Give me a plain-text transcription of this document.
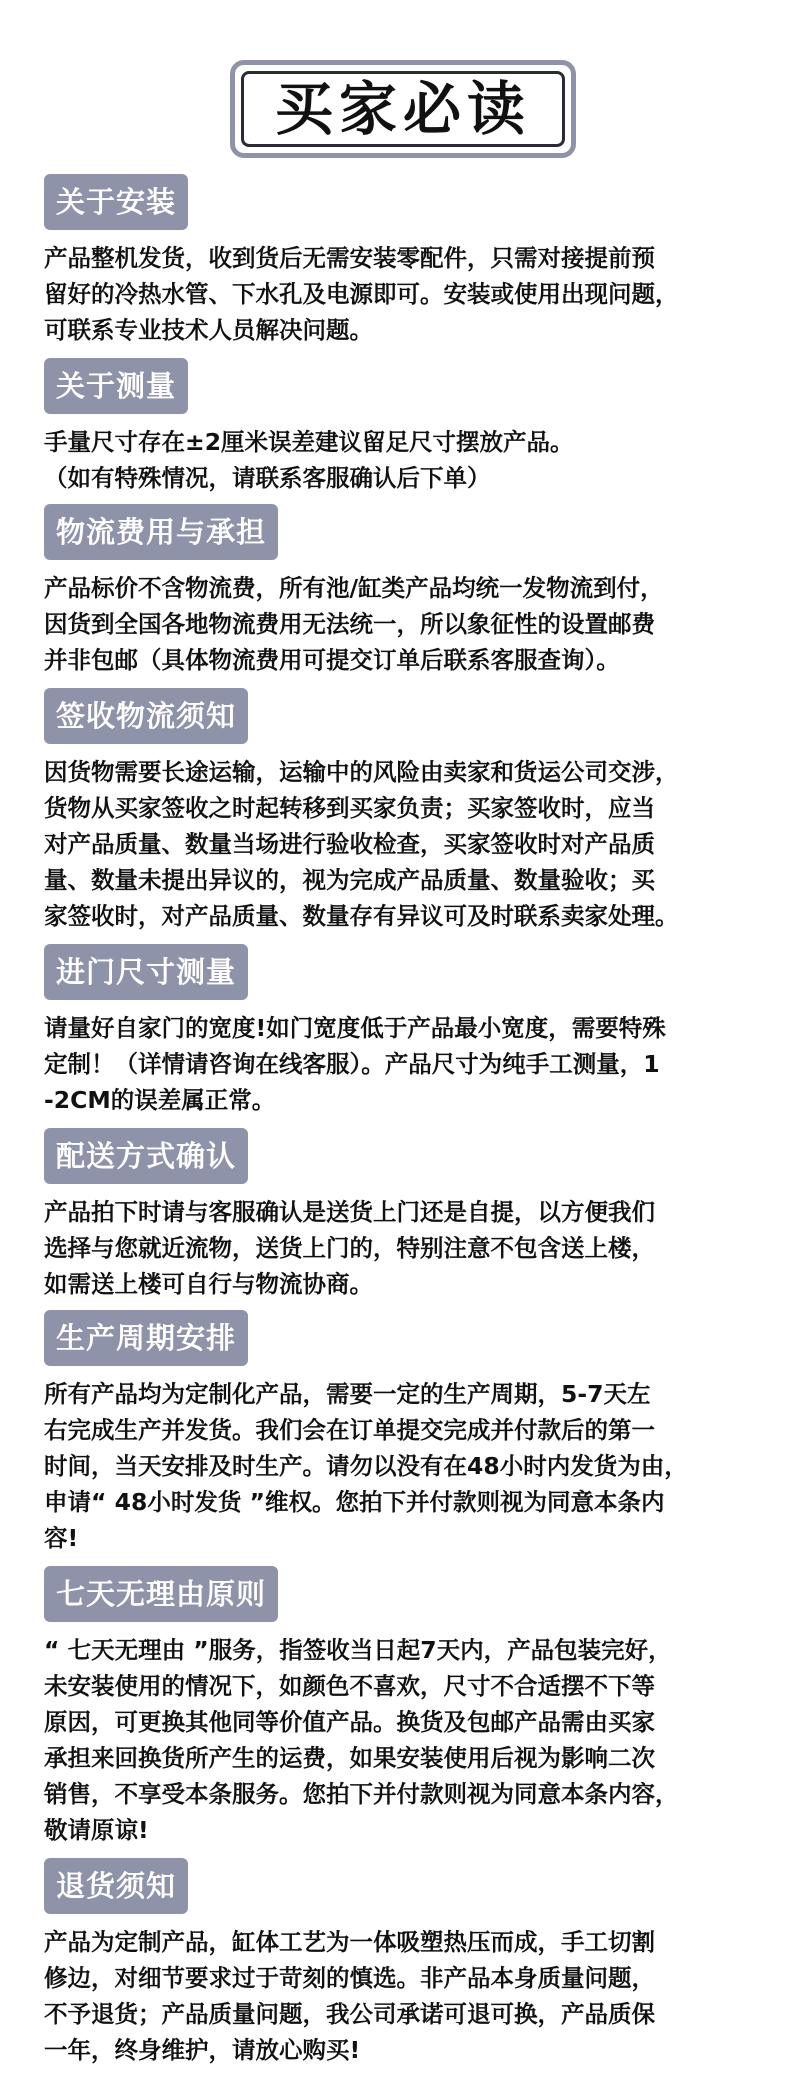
买家必读
关于安装

产品整机发货，收到货后无需安装零配件，只需对接提前预

留好的冷热水管、下水孔及电源即可。安装或使用出现问题，

可联系专业技术人员解决问题。

关于测量

手量尺寸存在±2厘米误差建议留足尺寸摆放产品。

（如有特殊情况，请联系客服确认后下单）

物流费用与承担

产品标价不含物流费，所有池/缸类产品均统一发物流到付，

因货到全国各地物流费用无法统一，所以象征性的设置邮费

并非包邮（具体物流费用可提交订单后联系客服查询）。

签收物流须知

因货物需要长途运输，运输中的风险由卖家和货运公司交涉，

货物从买家签收之时起转移到买家负责；买家签收时，应当

对产品质量、数量当场进行验收检查，买家签收时对产品质

量、数量未提出异议的，视为完成产品质量、数量验收；买

家签收时，对产品质量、数量存有异议可及时联系卖家处理。

进门尺寸测量

请量好自家门的宽度!如门宽度低于产品最小宽度，需要特殊

定制！（详情请咨询在线客服）。产品尺寸为纯手工测量，1

-2CM的误差属正常。

配送方式确认

产品拍下时请与客服确认是送货上门还是自提，以方便我们

选择与您就近流物，送货上门的，特别注意不包含送上楼，

如需送上楼可自行与物流协商。

生产周期安排

所有产品均为定制化产品，需要一定的生产周期，5-7天左

右完成生产并发货。我们会在订单提交完成并付款后的第一

时间，当天安排及时生产。请勿以没有在48小时内发货为由，

申请“ 48小时发货 ”维权。您拍下并付款则视为同意本条内

容!

七天无理由原则

“ 七天无理由 ”服务，指签收当日起7天内，产品包装完好，

未安装使用的情况下，如颜色不喜欢，尺寸不合适摆不下等

原因，可更换其他同等价值产品。换货及包邮产品需由买家

承担来回换货所产生的运费，如果安装使用后视为影响二次

销售，不享受本条服务。您拍下并付款则视为同意本条内容，

敬请原谅!

退货须知

产品为定制产品，缸体工艺为一体吸塑热压而成，手工切割

修边，对细节要求过于苛刻的慎选。非产品本身质量问题，

不予退货；产品质量问题，我公司承诺可退可换，产品质保

一年，终身维护，请放心购买!
